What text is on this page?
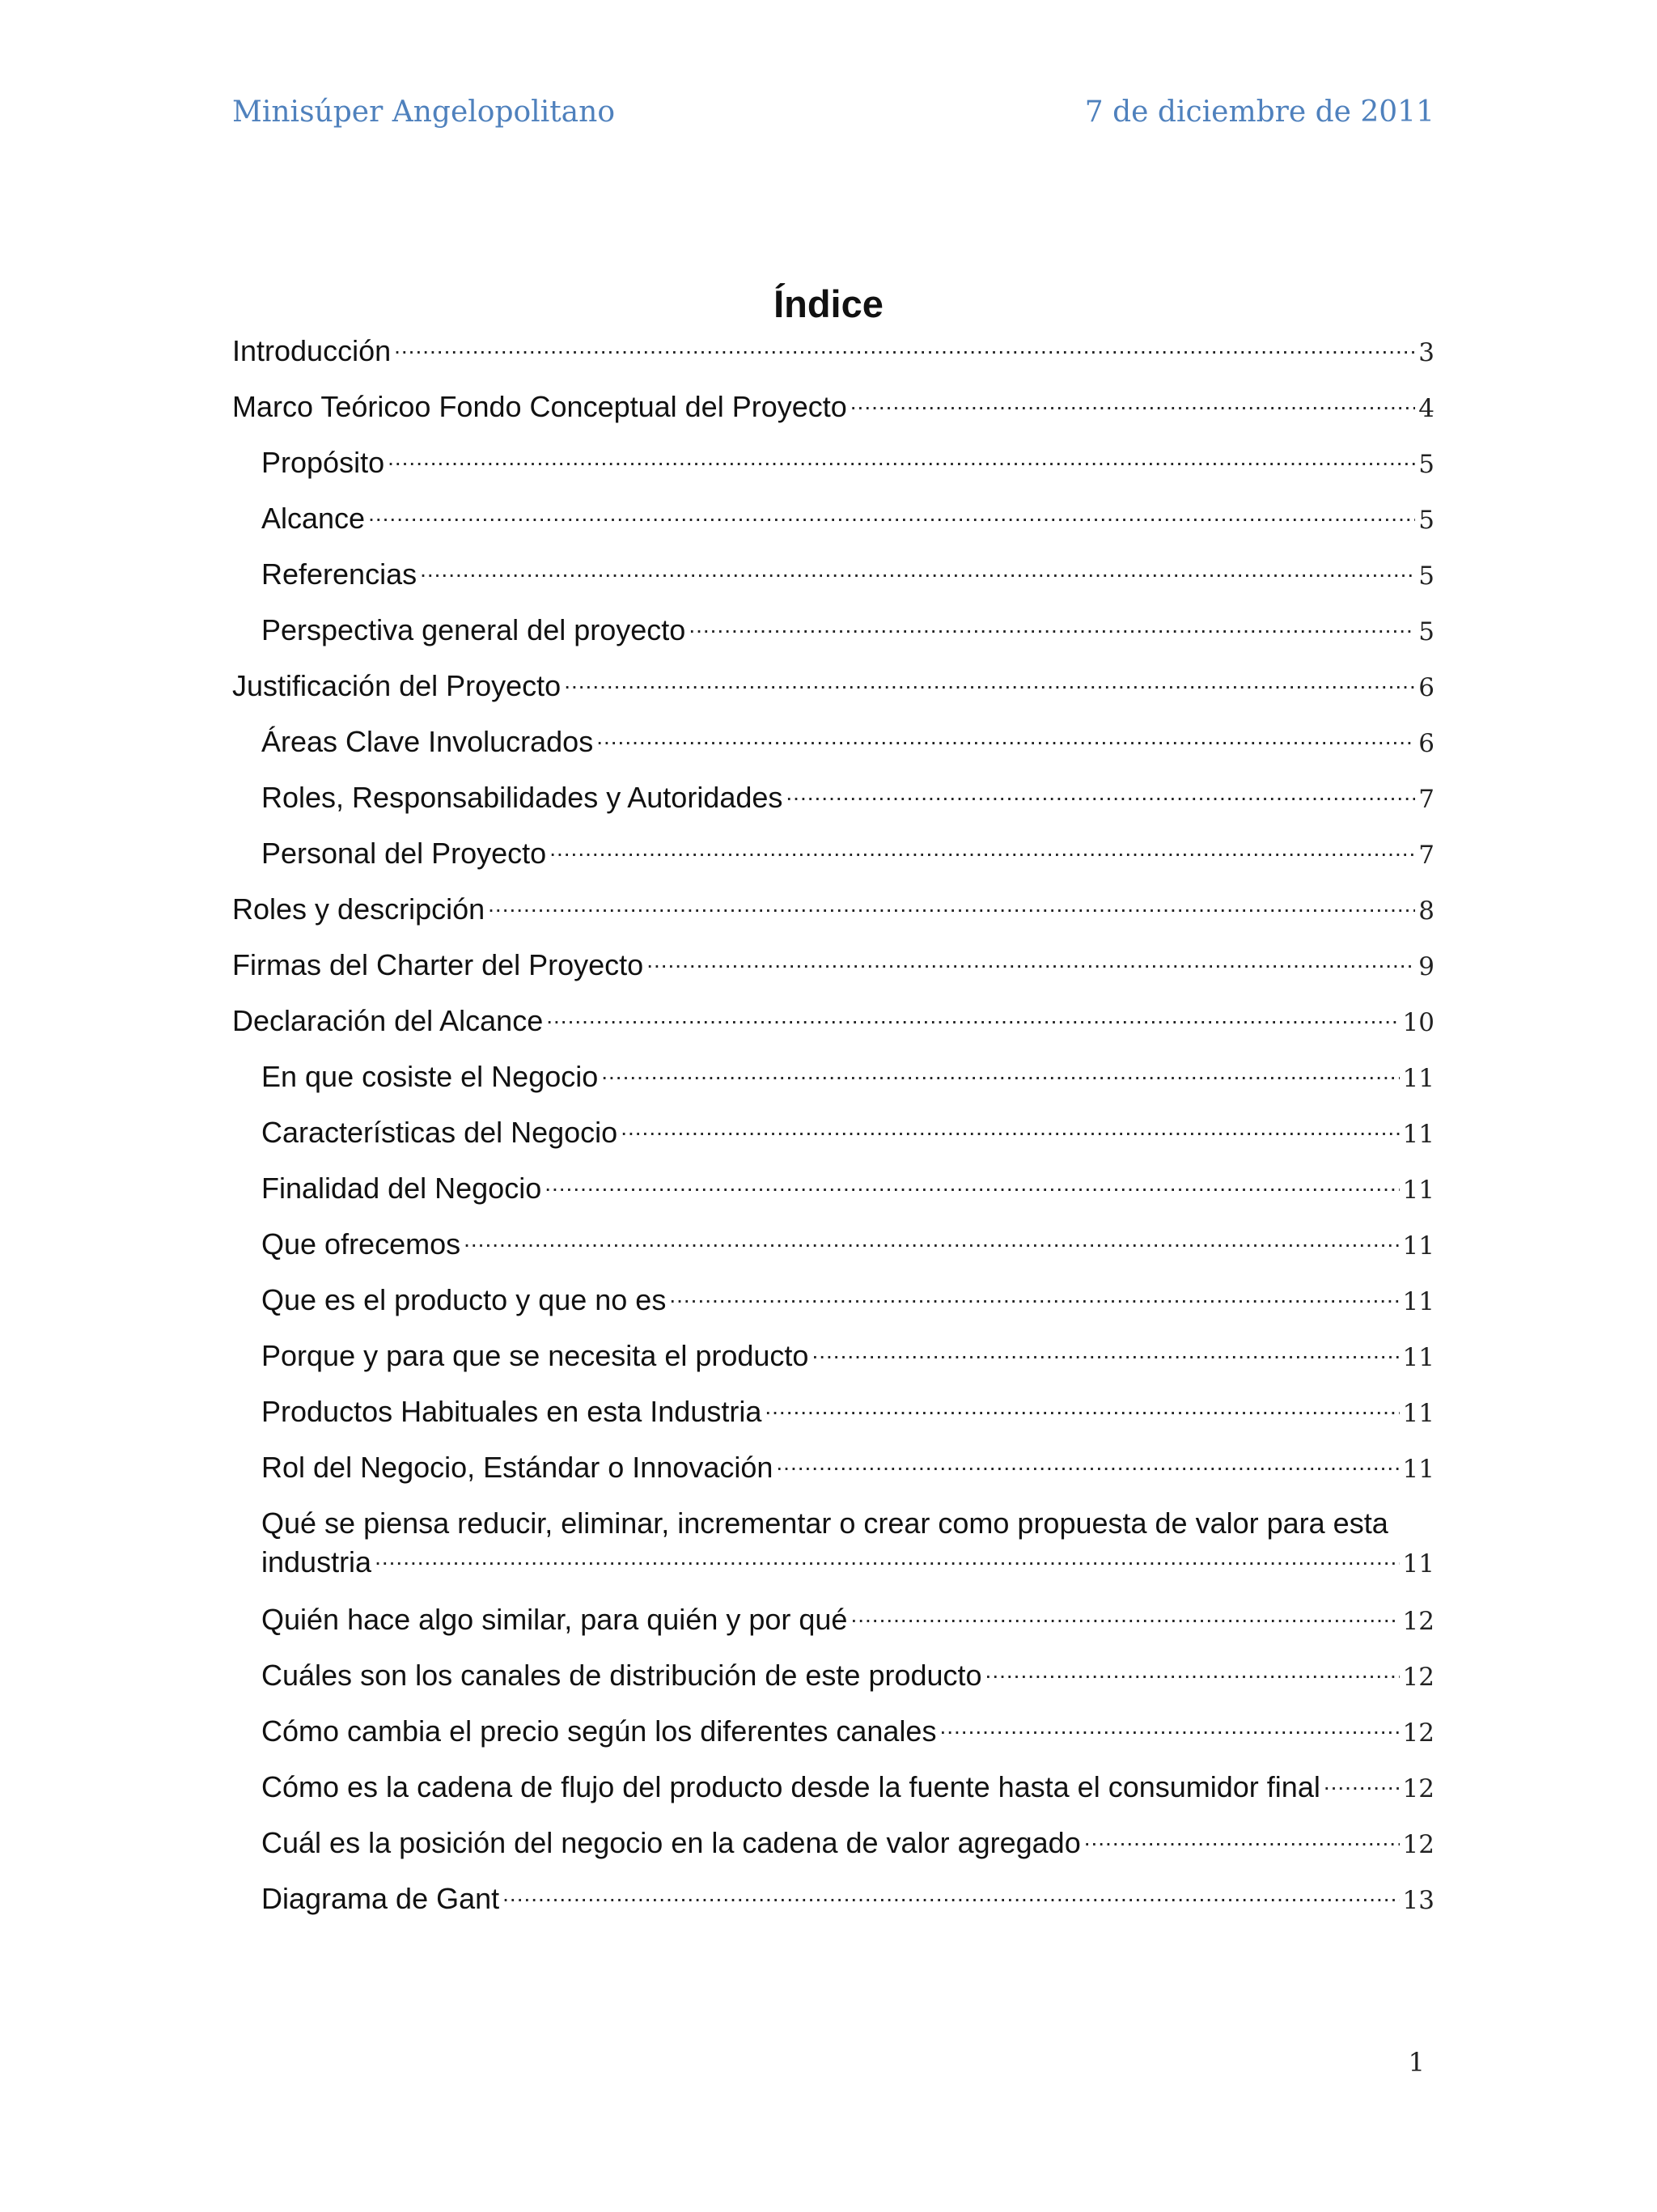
Minisúper Angelopolitano	7 de diciembre de 2011
Índice
Introducción .....	3
Marco Teóricoo Fondo Conceptual del Proyecto .....	4
Propósito .....	5
Alcance .....	5
Referencias .....	5
Perspectiva general del proyecto .....	5
Justificación del Proyecto .....	6
Áreas Clave Involucrados .....	6
Roles, Responsabilidades y Autoridades .....	7
Personal del Proyecto .....	7
Roles y descripción .....	8
Firmas del Charter del Proyecto .....	9
Declaración del Alcance .....	10
En que cosiste el Negocio .....	11
Características del Negocio .....	11
Finalidad del Negocio .....	11
Que ofrecemos .....	11
Que es el producto y que no es .....	11
Porque y para que se necesita el producto .....	11
Productos Habituales en esta Industria .....	11
Rol del Negocio, Estándar o Innovación .....	11
Qué se piensa reducir, eliminar, incrementar o crear como propuesta de valor para esta
industria .....	11
Quién hace algo similar, para quién y por qué .....	12
Cuáles son los canales de distribución de este producto .....	12
Cómo cambia el precio según los diferentes canales .....	12
Cómo es la cadena de flujo del producto desde la fuente hasta el consumidor final .....	12
Cuál es la posición del negocio en la cadena de valor agregado .....	12
Diagrama de Gant .....	13
1
